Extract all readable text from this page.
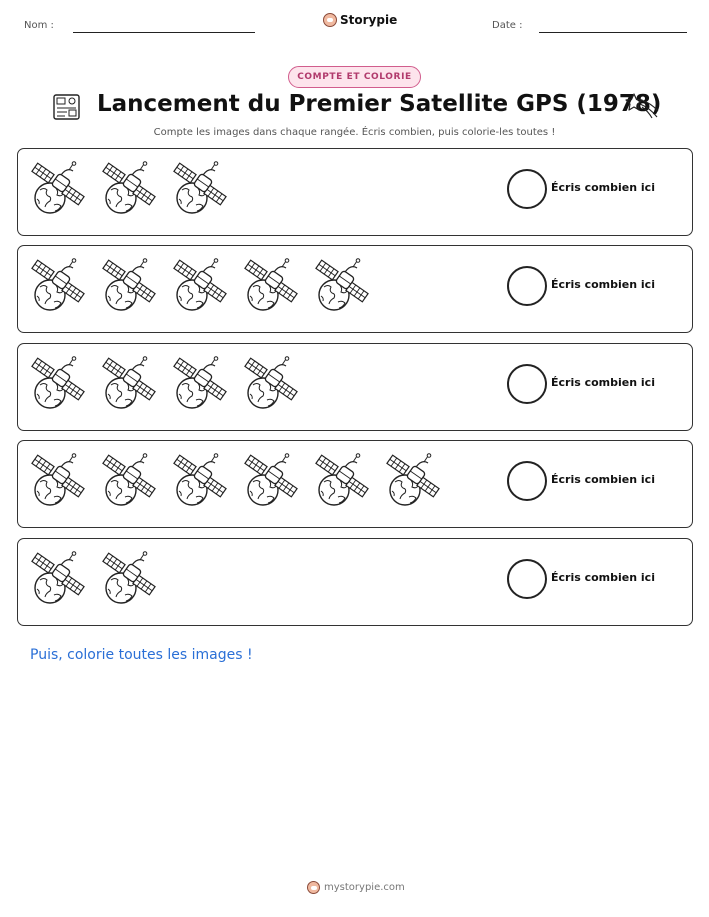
Nom :	Storypie	Date :
COMPTE ET COLORIE
Lancement du Premier Satellite GPS (1978)
Compte les images dans chaque rangée. Écris combien, puis colorie-les toutes !
Écris combien ici
Écris combien ici
Écris combien ici
Écris combien ici
Écris combien ici
Puis, colorie toutes les images !
mystorypie.com
